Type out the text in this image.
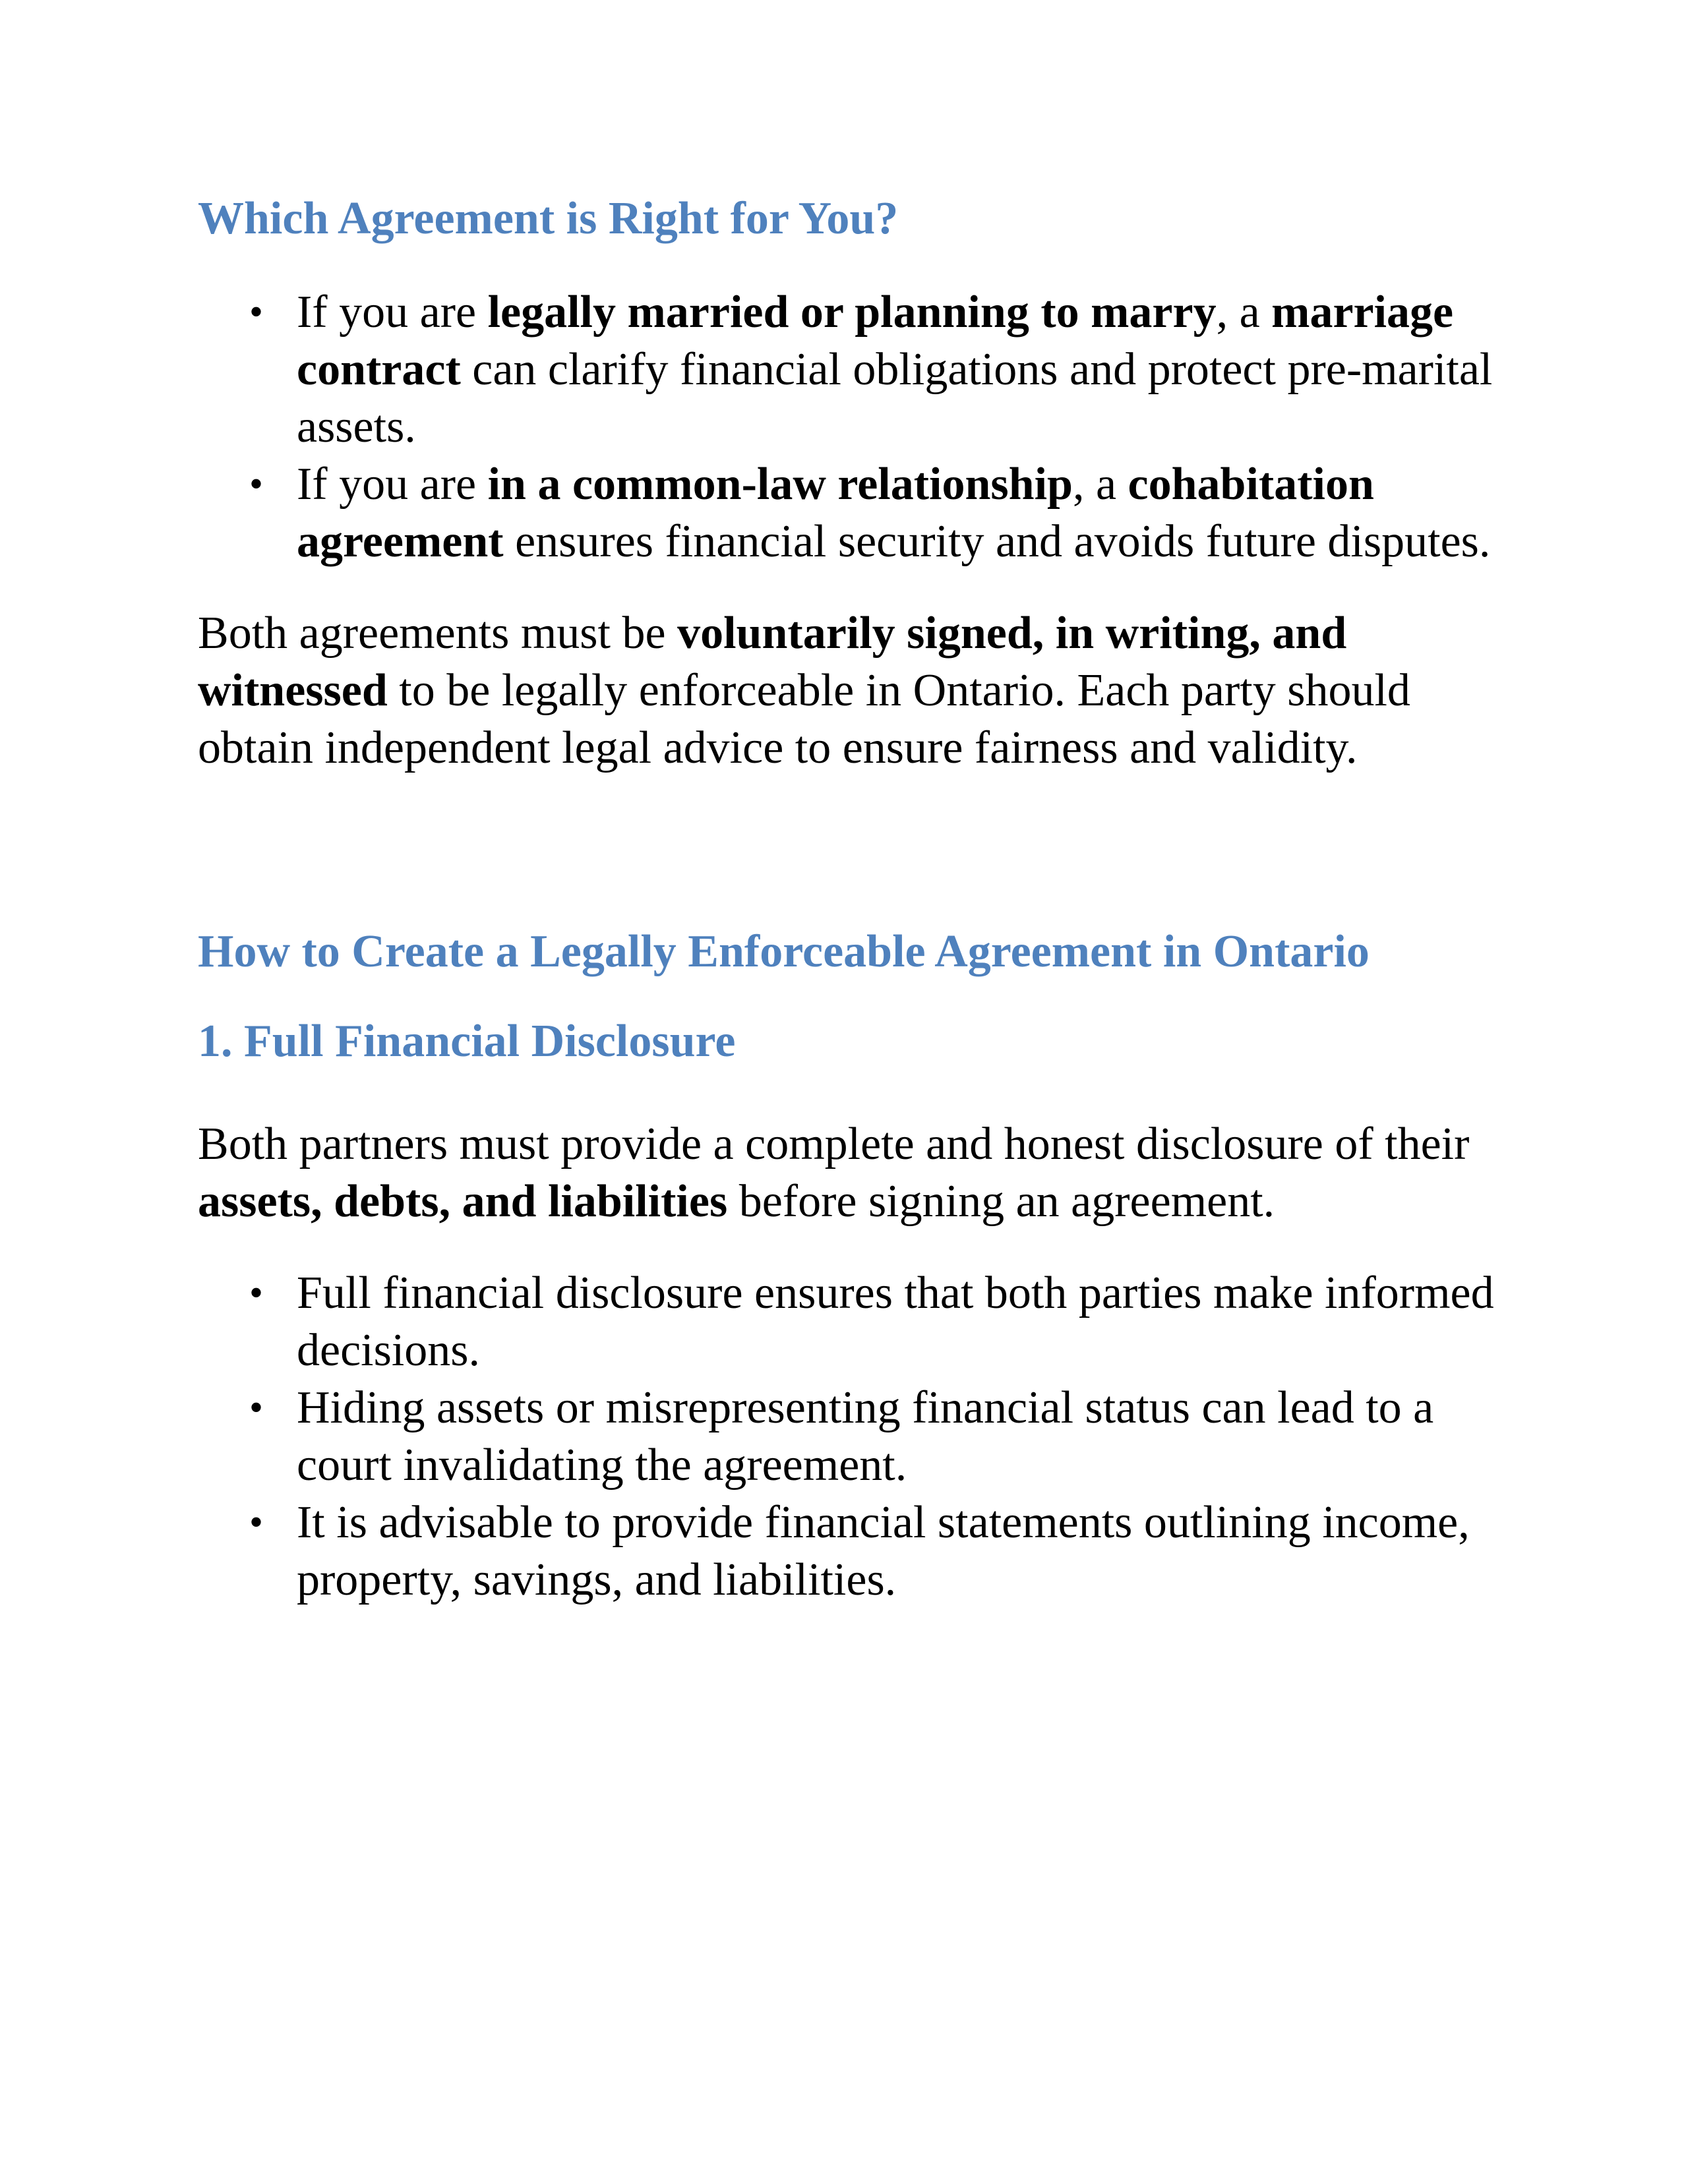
Which Agreement is Right for You?
• If you are legally married or planning to marry, a marriage contract can clarify financial obligations and protect pre-marital assets.
• If you are in a common-law relationship, a cohabitation agreement ensures financial security and avoids future disputes.

Both agreements must be voluntarily signed, in writing, and witnessed to be legally enforceable in Ontario. Each party should obtain independent legal advice to ensure fairness and validity.

How to Create a Legally Enforceable Agreement in Ontario
1. Full Financial Disclosure

Both partners must provide a complete and honest disclosure of their assets, debts, and liabilities before signing an agreement.

• Full financial disclosure ensures that both parties make informed decisions.
• Hiding assets or misrepresenting financial status can lead to a court invalidating the agreement.
• It is advisable to provide financial statements outlining income, property, savings, and liabilities.
